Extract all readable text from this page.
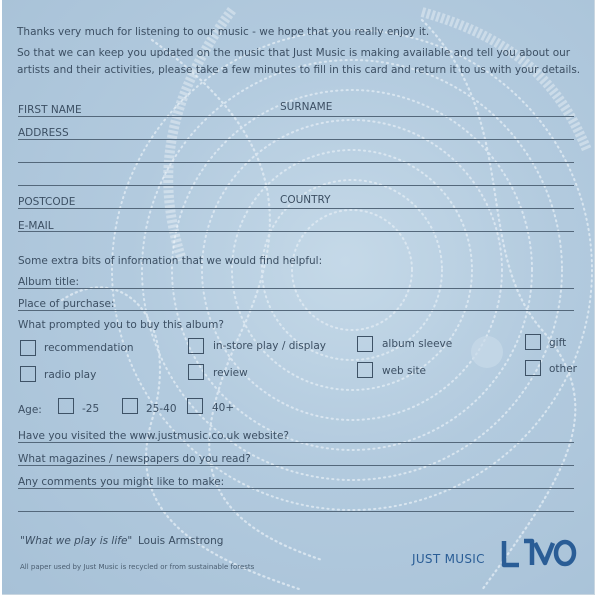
Thanks very much for listening to our music - we hope that you really enjoy it.
So that we can keep you updated on the music that Just Music is making available and tell you about our
artists and their activities, please take a few minutes to fill in this card and return it to us with your details.
FIRST NAME	SURNAME
ADDRESS
POSTCODE	COUNTRY
E-MAIL
Some extra bits of information that we would find helpful:
Album title:
Place of purchase:
What prompted you to buy this album?
recommendation	in-store play / display	album sleeve	gift
radio play	review	web site	other
Age:	-25	25-40	40+
Have you visited the www.justmusic.co.uk website?
What magazines / newspapers do you read?
Any comments you might like to make:
"What we play is life" Louis Armstrong
All paper used by Just Music is recycled or from sustainable forests
JUST MUSIC
